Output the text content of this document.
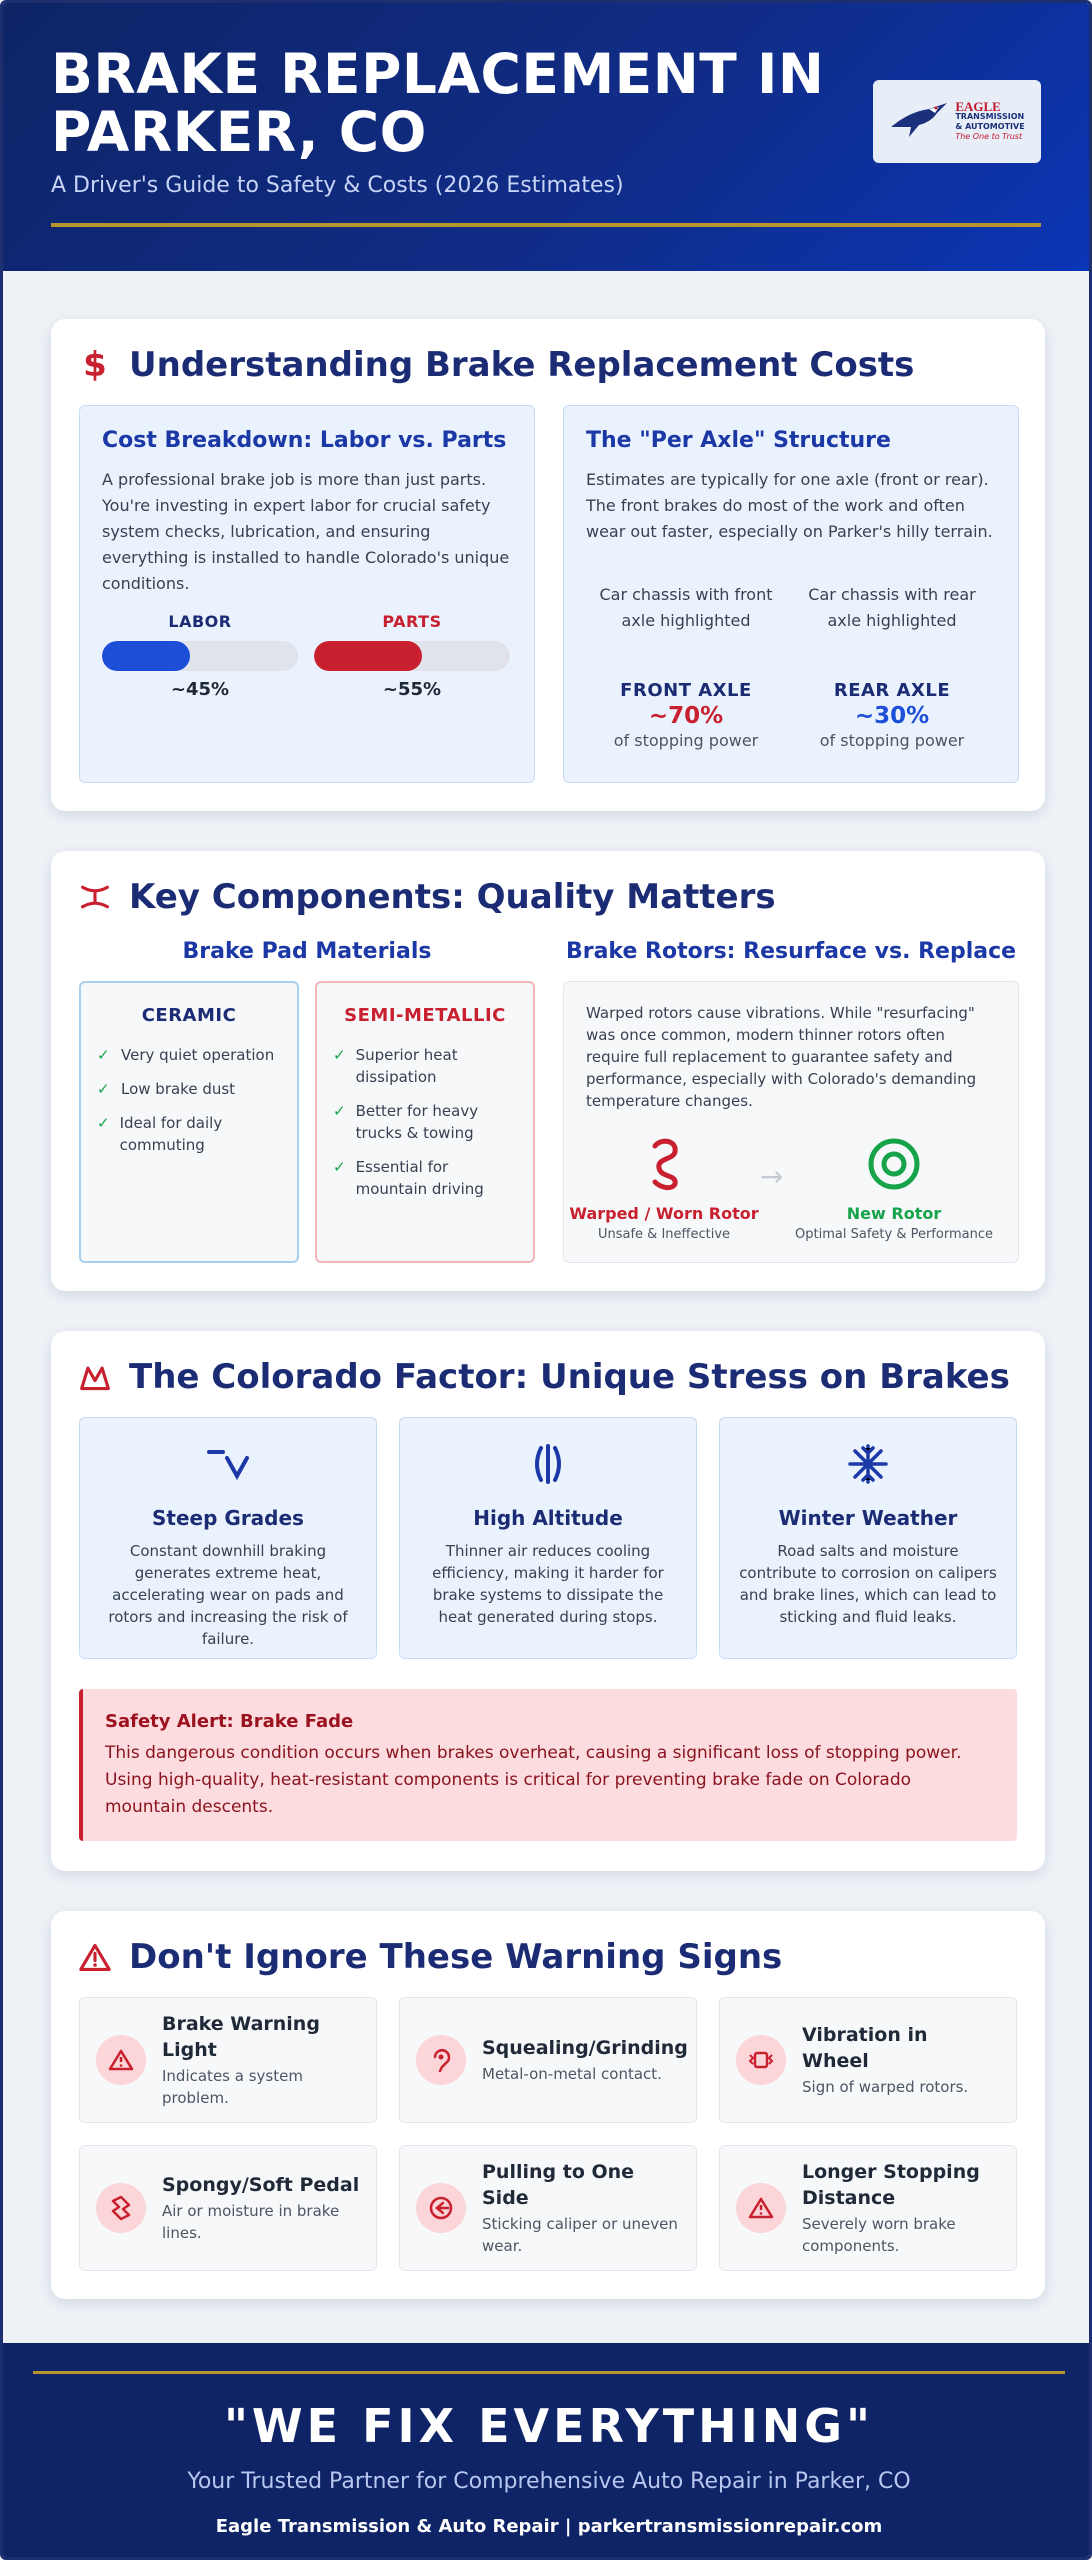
BRAKE REPLACEMENT IN PARKER, CO
A Driver's Guide to Safety & Costs (2026 Estimates)
EAGLE
TRANSMISSION
& AUTOMOTIVE
The One to Trust
$ Understanding Brake Replacement Costs
Cost Breakdown: Labor vs. Parts

A professional brake job is more than just parts. You're investing in expert labor for crucial safety system checks, lubrication, and ensuring everything is installed to handle Colorado's unique conditions.

LABOR
~45%
PARTS
~55%
The "Per Axle" Structure

Estimates are typically for one axle (front or rear). The front brakes do most of the work and often wear out faster, especially on Parker's hilly terrain.

Car chassis with front axle highlighted
FRONT AXLE
~70%
of stopping power
Car chassis with rear axle highlighted
REAR AXLE
~30%
of stopping power
Key Components: Quality Matters
Brake Pad Materials	Brake Rotors: Resurface vs. Replace
CERAMIC
✓ Very quiet operation
✓ Low brake dust
✓ Ideal for daily commuting
SEMI-METALLIC
✓ Superior heat dissipation
✓ Better for heavy trucks & towing
✓ Essential for mountain driving

Warped rotors cause vibrations. While "resurfacing" was once common, modern thinner rotors often require full replacement to guarantee safety and performance, especially with Colorado's demanding temperature changes.

Warped / Worn Rotor
Unsafe & Ineffective
→
New Rotor
Optimal Safety & Performance
The Colorado Factor: Unique Stress on Brakes
Steep Grades

Constant downhill braking generates extreme heat, accelerating wear on pads and rotors and increasing the risk of failure.

High Altitude

Thinner air reduces cooling efficiency, making it harder for brake systems to dissipate the heat generated during stops.

Winter Weather

Road salts and moisture contribute to corrosion on calipers and brake lines, which can lead to sticking and fluid leaks.

Safety Alert: Brake Fade

This dangerous condition occurs when brakes overheat, causing a significant loss of stopping power. Using high-quality, heat-resistant components is critical for preventing brake fade on Colorado mountain descents.

Don't Ignore These Warning Signs
Brake Warning Light
Indicates a system problem.
Squealing/Grinding
Metal-on-metal contact.
Vibration in Wheel
Sign of warped rotors.
Spongy/Soft Pedal
Air or moisture in brake lines.
Pulling to One Side
Sticking caliper or uneven wear.
Longer Stopping Distance
Severely worn brake components.
"WE FIX EVERYTHING"
Your Trusted Partner for Comprehensive Auto Repair in Parker, CO
Eagle Transmission & Auto Repair | parkertransmissionrepair.com
